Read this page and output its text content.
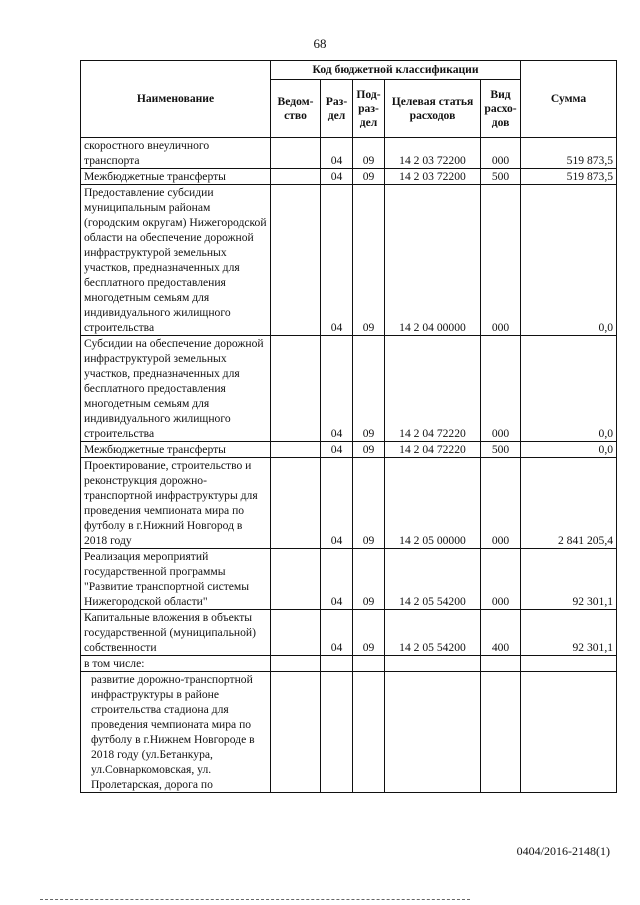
68
Наименование	Код бюджетной классификации					Сумма
	Ведом-ство	Раз-дел	Под-раз-дел	Целевая статья расходов	Вид расхо-дов	
скоростного внеуличного транспорта		04	09	14 2 03 72200	000	519 873,5
Межбюджетные трансферты		04	09	14 2 03 72200	500	519 873,5
Предоставление субсидии муниципальным районам (городским округам) Нижегородской области на обеспечение дорожной инфраструктурой земельных участков, предназначенных для бесплатного предоставления многодетным семьям для индивидуального жилищного строительства		04	09	14 2 04 00000	000	0,0
Субсидии на обеспечение дорожной инфраструктурой земельных участков, предназначенных для бесплатного предоставления многодетным семьям для индивидуального жилищного строительства		04	09	14 2 04 72220	000	0,0
Межбюджетные трансферты		04	09	14 2 04 72220	500	0,0
Проектирование, строительство и реконструкция дорожно-транспортной инфраструктуры для проведения чемпионата мира по футболу в г.Нижний Новгород в 2018 году		04	09	14 2 05 00000	000	2 841 205,4
Реализация мероприятий государственной программы "Развитие транспортной системы Нижегородской области"		04	09	14 2 05 54200	000	92 301,1
Капитальные вложения в объекты государственной (муниципальной) собственности		04	09	14 2 05 54200	400	92 301,1
в том числе:						
развитие дорожно-транспортной инфраструктуры в районе строительства стадиона для проведения чемпионата мира по футболу в г.Нижнем Новгороде в 2018 году (ул.Бетанкура, ул.Совнаркомовская, ул. Пролетарская, дорога по						
0404/2016-2148(1)
